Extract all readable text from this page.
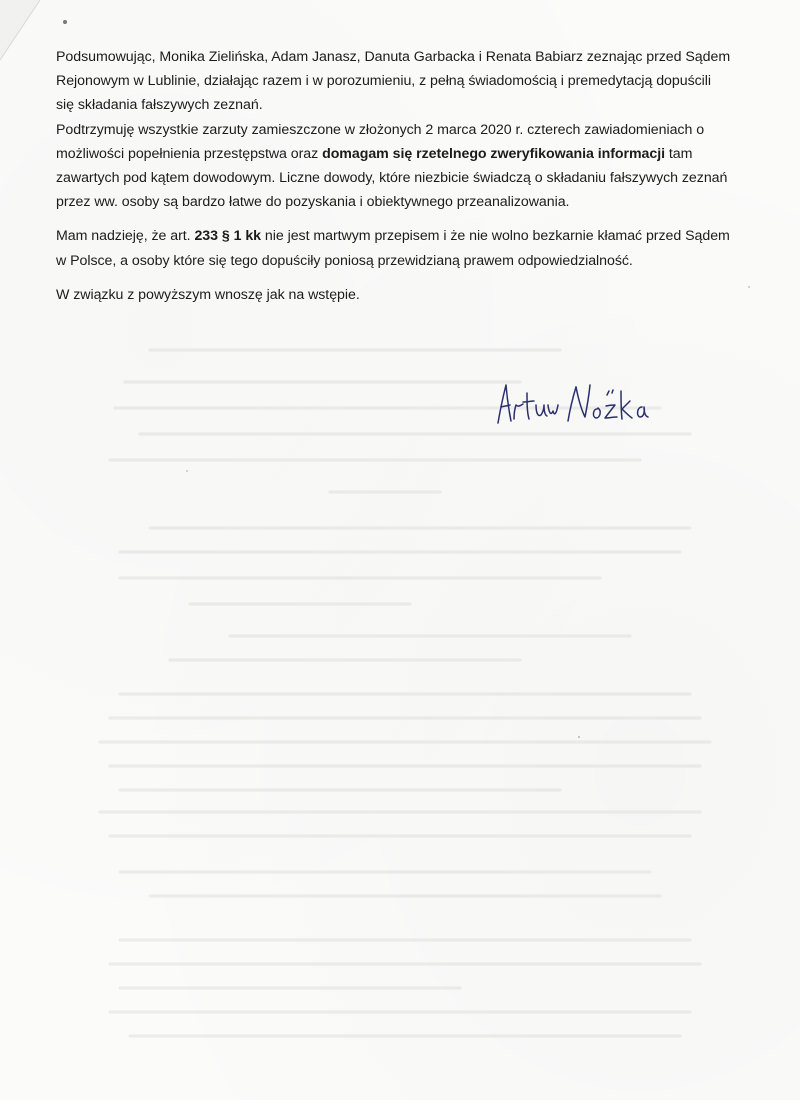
Podsumowując, Monika Zielińska, Adam Janasz, Danuta Garbacka i Renata Babiarz zeznając przed Sądem Rejonowym w Lublinie, działając razem i w porozumieniu, z pełną świadomością i premedytacją dopuścili się składania fałszywych zeznań.

Podtrzymuję wszystkie zarzuty zamieszczone w złożonych 2 marca 2020 r. czterech zawiadomieniach o możliwości popełnienia przestępstwa oraz domagam się rzetelnego zweryfikowania informacji tam zawartych pod kątem dowodowym. Liczne dowody, które niezbicie świadczą o składaniu fałszywych zeznań przez ww. osoby są bardzo łatwe do pozyskania i obiektywnego przeanalizowania.

Mam nadzieję, że art. 233 § 1 kk nie jest martwym przepisem i że nie wolno bezkarnie kłamać przed Sądem w Polsce, a osoby które się tego dopuściły poniosą przewidzianą prawem odpowiedzialność.

W związku z powyższym wnoszę jak na wstępie.
